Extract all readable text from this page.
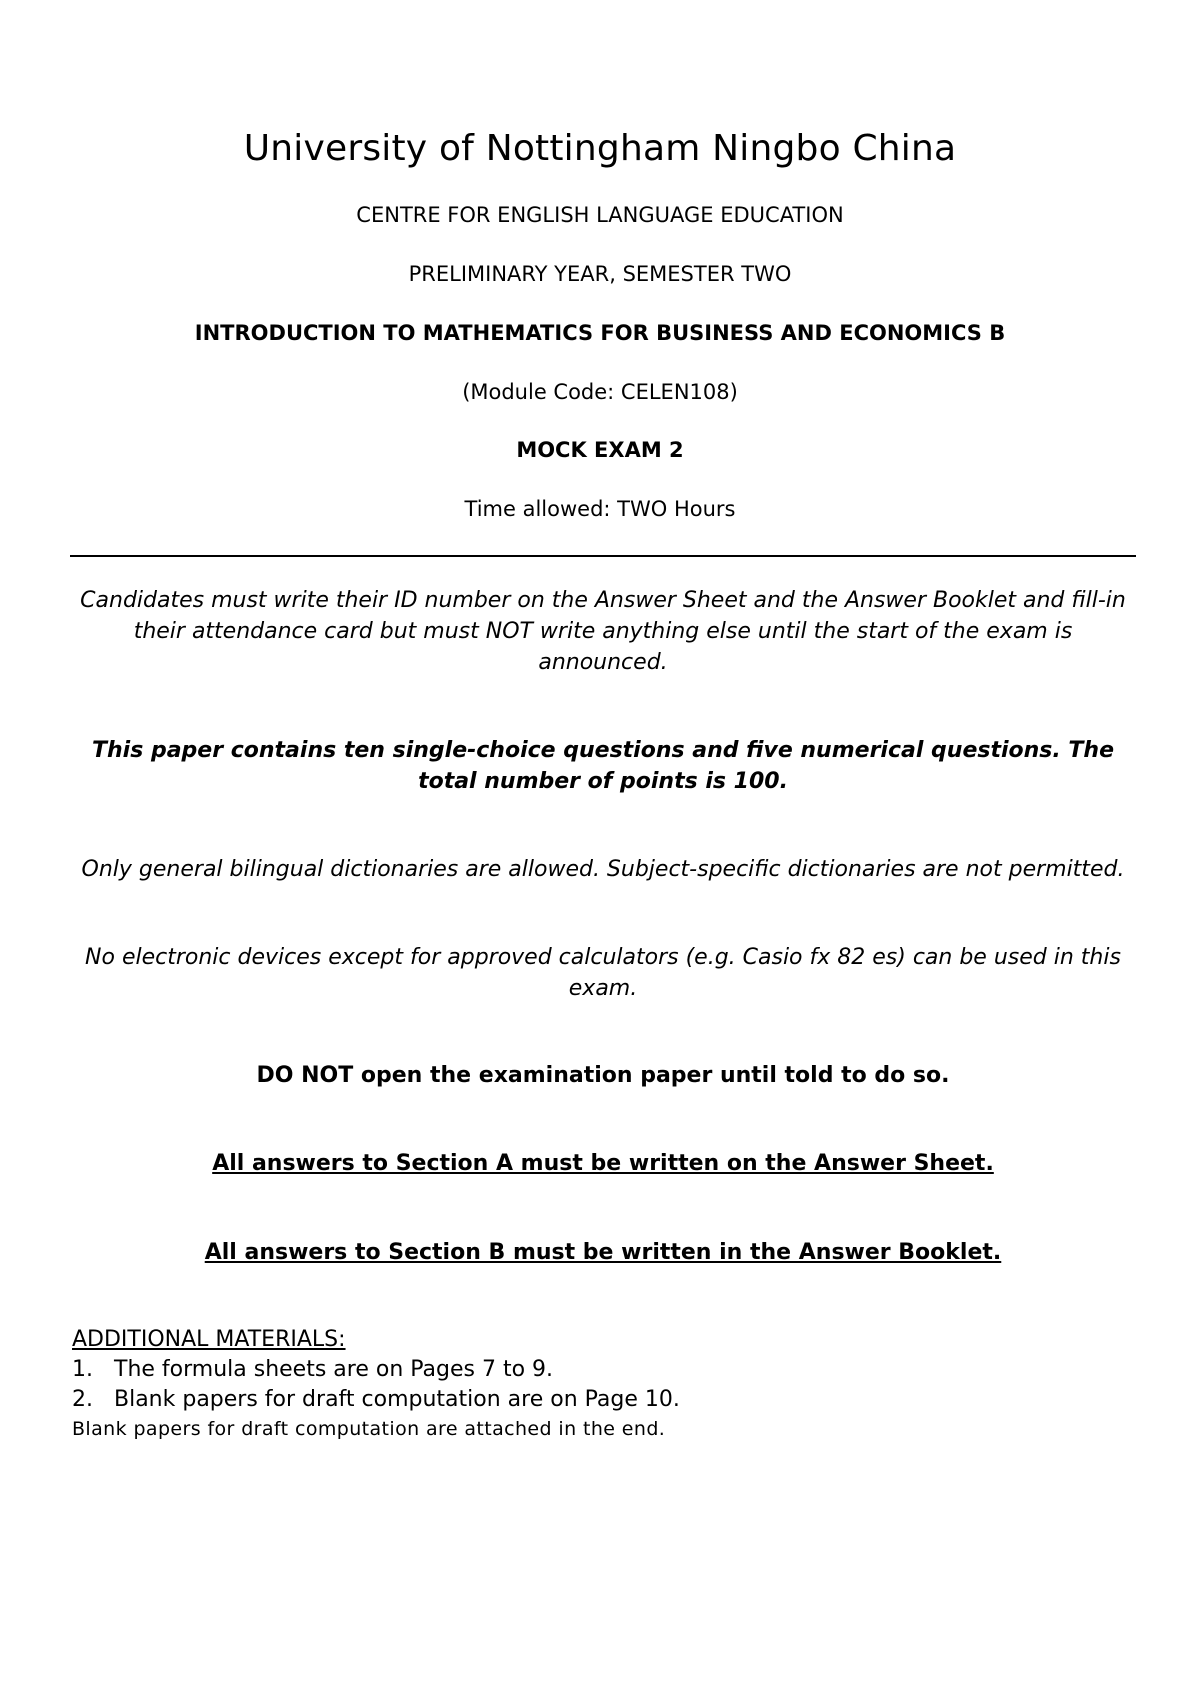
University of Nottingham Ningbo China
CENTRE FOR ENGLISH LANGUAGE EDUCATION
PRELIMINARY YEAR, SEMESTER TWO
INTRODUCTION TO MATHEMATICS FOR BUSINESS AND ECONOMICS B
(Module Code: CELEN108)
MOCK EXAM 2
Time allowed: TWO Hours
Candidates must write their ID number on the Answer Sheet and the Answer Booklet and fill-in their attendance card but must NOT write anything else until the start of the exam is announced.
This paper contains ten single-choice questions and five numerical questions. The total number of points is 100.
Only general bilingual dictionaries are allowed. Subject-specific dictionaries are not permitted.
No electronic devices except for approved calculators (e.g. Casio fx 82 es) can be used in this exam.
DO NOT open the examination paper until told to do so.
All answers to Section A must be written on the Answer Sheet.
All answers to Section B must be written in the Answer Booklet.
ADDITIONAL MATERIALS:
1. The formula sheets are on Pages 7 to 9.
2. Blank papers for draft computation are on Page 10.
Blank papers for draft computation are attached in the end.
